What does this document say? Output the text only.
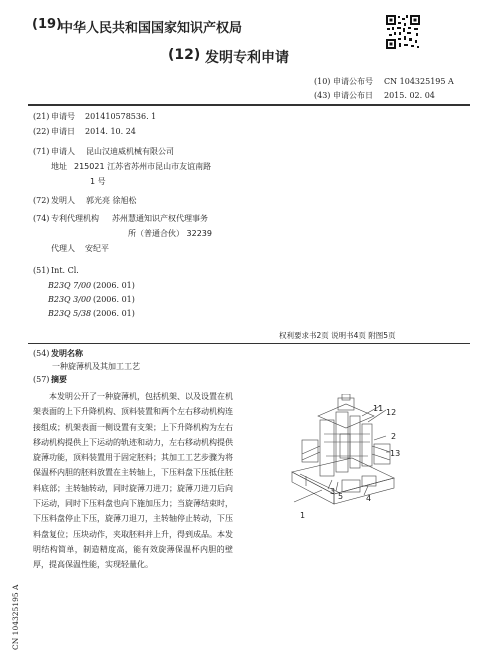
(19)
中华人民共和国国家知识产权局
(12) 发明专利申请
(10) 申请公布号 CN 104325195 A
(43) 申请公布日 2015. 02. 04
(21) 申请号 201410578536. 1
(22) 申请日 2014. 10. 24
(71) 申请人 昆山汉迪威机械有限公司
地址 215021 江苏省苏州市昆山市友谊南路
1 号
(72) 发明人 郭光亮 徐旭松
(74) 专利代理机构 苏州慧通知识产权代理事务
所（普通合伙） 32239
代理人 安纪平
(51) Int. Cl.
B23Q 7/00 (2006. 01)
B23Q 3/00 (2006. 01)
B23Q 5/38 (2006. 01)
权利要求书2页 说明书4页 附图5页
(54) 发明名称
一种旋薄机及其加工工艺
(57) 摘要
本发明公开了一种旋薄机，包括机架、以及设置在机架表面的上下升降机构、顶料装置和两个左右移动机构连接组成；机架表面一侧设置有支架；上下升降机构为左右移动机构提供上下运动的轨迹和动力，左右移动机构提供旋薄功能，顶料装置用于固定胚料；其加工工艺步骤为将保温杯内胆的胚料放置在主转轴上，下压料盘下压抵住胚料底部；主转轴转动，同时旋薄刀进刀；旋薄刀进刀后向下运动，同时下压料盘也向下施加压力；当旋薄结束时，下压料盘停止下压，旋薄刀退刀，主转轴停止转动，下压料盘复位；压块动作，夹取胚料并上升，得到成品。本发明结构简单，制造精度高，能有效旋薄保温杯内胆的壁厚，提高保温性能，实现轻量化。
11 12
2
13
3
5	4
1
CN 104325195 A
